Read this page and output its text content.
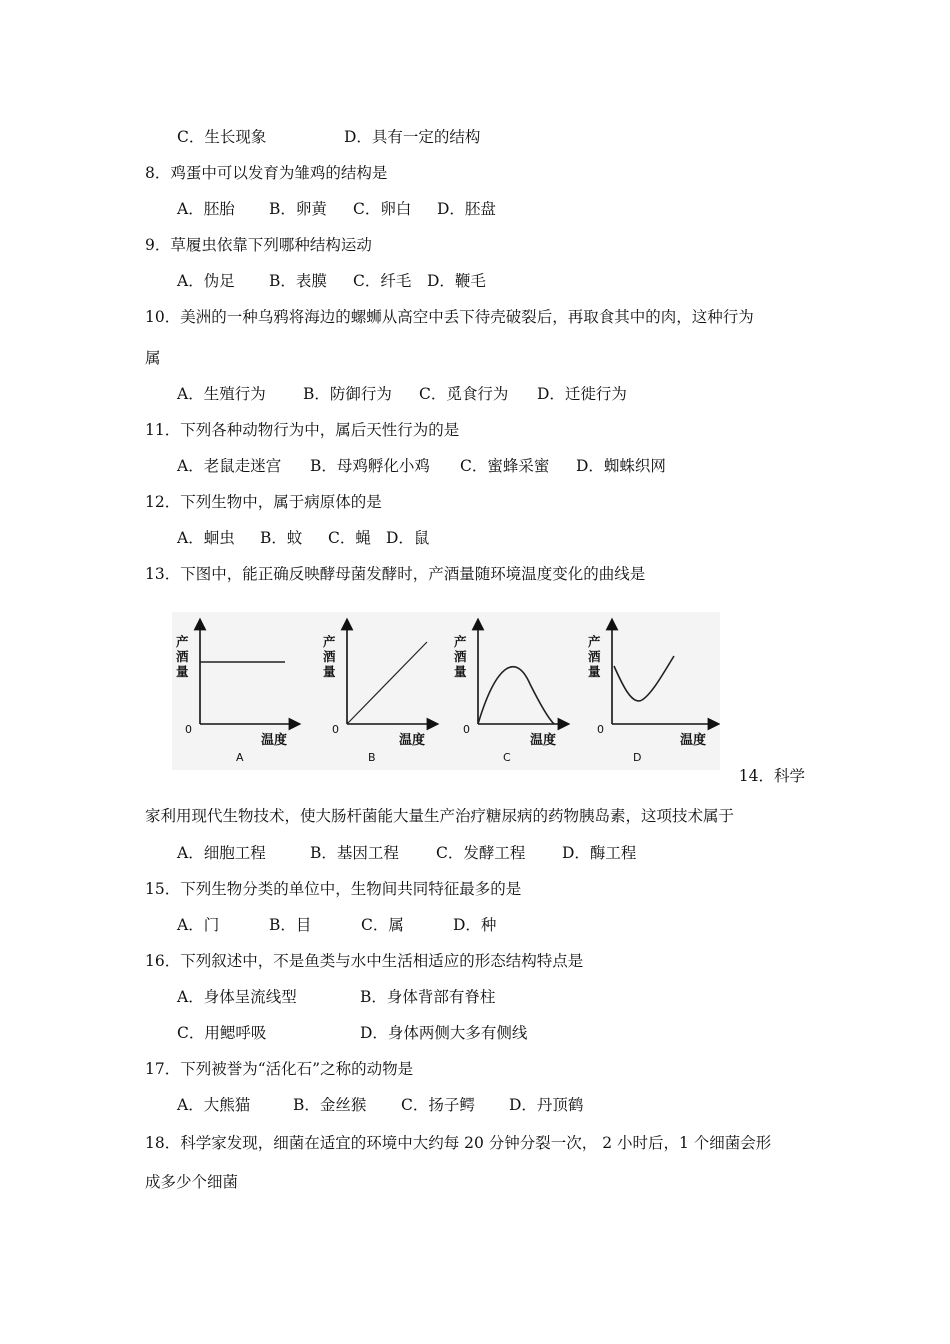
C．生长现象	D．具有一定的结构
8．鸡蛋中可以发育为雏鸡的结构是
A．胚胎 B．卵黄 C．卵白 D．胚盘
9．草履虫依靠下列哪种结构运动
A．伪足 B．表膜 C．纤毛 D．鞭毛
10．美洲的一种乌鸦将海边的螺蛳从高空中丢下待壳破裂后，再取食其中的肉，这种行为
属
A．生殖行为 B．防御行为 C．觅食行为 D．迁徙行为
11．下列各种动物行为中，属后天性行为的是
A．老鼠走迷宫 B．母鸡孵化小鸡 C．蜜蜂采蜜 D．蜘蛛织网
12．下列生物中，属于病原体的是
A．蛔虫 B．蚊 C．蝇 D．鼠
13．下图中，能正确反映酵母菌发酵时，产酒量随环境温度变化的曲线是
产
酒
量
0
温度
A
产
酒
量
0
温度
B
产
酒
量
0
温度
C
产
酒
量
0
温度
D
14．科学
家利用现代生物技术，使大肠杆菌能大量生产治疗糖尿病的药物胰岛素，这项技术属于
A．细胞工程	B．基因工程 C．发酵工程 D．酶工程
15．下列生物分类的单位中，生物间共同特征最多的是
A．门	B．目	C．属	D．种
16．下列叙述中，不是鱼类与水中生活相适应的形态结构特点是
A．身体呈流线型	B．身体背部有脊柱
C．用鳃呼吸	D．身体两侧大多有侧线
17．下列被誉为“活化石”之称的动物是
A．大熊猫	B．金丝猴 C．扬子鳄 D．丹顶鹤
18．科学家发现，细菌在适宜的环境中大约每 20 分钟分裂一次， 2 小时后，1 个细菌会形
成多少个细菌
